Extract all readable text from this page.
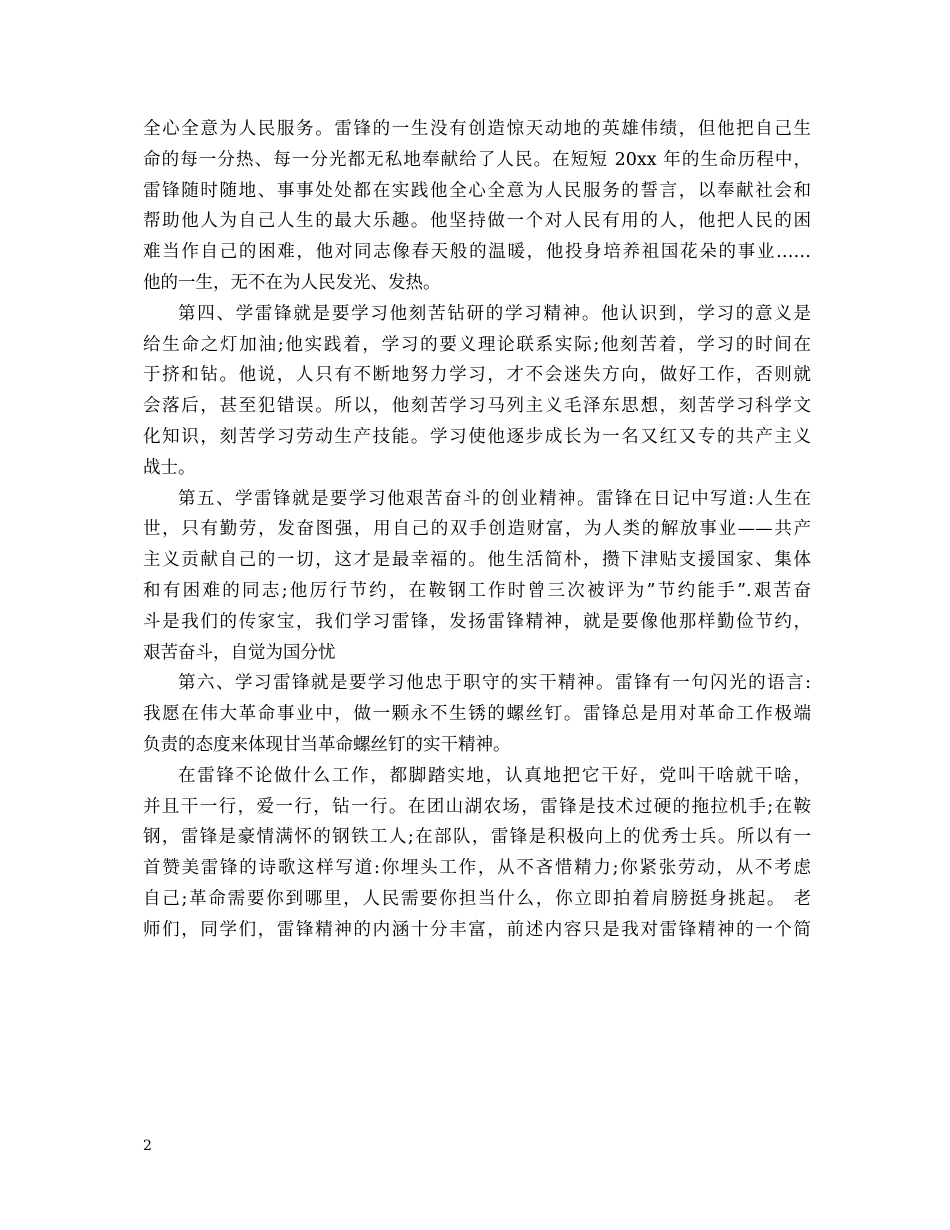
全心全意为人民服务。雷锋的一生没有创造惊天动地的英雄伟绩，但他把自己生
命的每一分热、每一分光都无私地奉献给了人民。在短短 20xx 年的生命历程中，
雷锋随时随地、事事处处都在实践他全心全意为人民服务的誓言，以奉献社会和
帮助他人为自己人生的最大乐趣。他坚持做一个对人民有用的人，他把人民的困
难当作自己的困难，他对同志像春天般的温暖，他投身培养祖国花朵的事业……
他的一生，无不在为人民发光、发热。
第四、学雷锋就是要学习他刻苦钻研的学习精神。他认识到，学习的意义是
给生命之灯加油;他实践着，学习的要义理论联系实际;他刻苦着，学习的时间在
于挤和钻。他说，人只有不断地努力学习，才不会迷失方向，做好工作，否则就
会落后，甚至犯错误。所以，他刻苦学习马列主义毛泽东思想，刻苦学习科学文
化知识，刻苦学习劳动生产技能。学习使他逐步成长为一名又红又专的共产主义
战士。
第五、学雷锋就是要学习他艰苦奋斗的创业精神。雷锋在日记中写道:人生在
世，只有勤劳，发奋图强，用自己的双手创造财富，为人类的解放事业——共产
主义贡献自己的一切，这才是最幸福的。他生活简朴，攒下津贴支援国家、集体
和有困难的同志;他厉行节约，在鞍钢工作时曾三次被评为”节约能手”.艰苦奋
斗是我们的传家宝，我们学习雷锋，发扬雷锋精神，就是要像他那样勤俭节约，
艰苦奋斗，自觉为国分忧
第六、学习雷锋就是要学习他忠于职守的实干精神。雷锋有一句闪光的语言:
我愿在伟大革命事业中，做一颗永不生锈的螺丝钉。雷锋总是用对革命工作极端
负责的态度来体现甘当革命螺丝钉的实干精神。
在雷锋不论做什么工作，都脚踏实地，认真地把它干好，党叫干啥就干啥，
并且干一行，爱一行，钻一行。在团山湖农场，雷锋是技术过硬的拖拉机手;在鞍
钢，雷锋是豪情满怀的钢铁工人;在部队，雷锋是积极向上的优秀士兵。所以有一
首赞美雷锋的诗歌这样写道:你埋头工作，从不吝惜精力;你紧张劳动，从不考虑
自己;革命需要你到哪里，人民需要你担当什么，你立即拍着肩膀挺身挑起。 老
师们，同学们，雷锋精神的内涵十分丰富，前述内容只是我对雷锋精神的一个简
2
